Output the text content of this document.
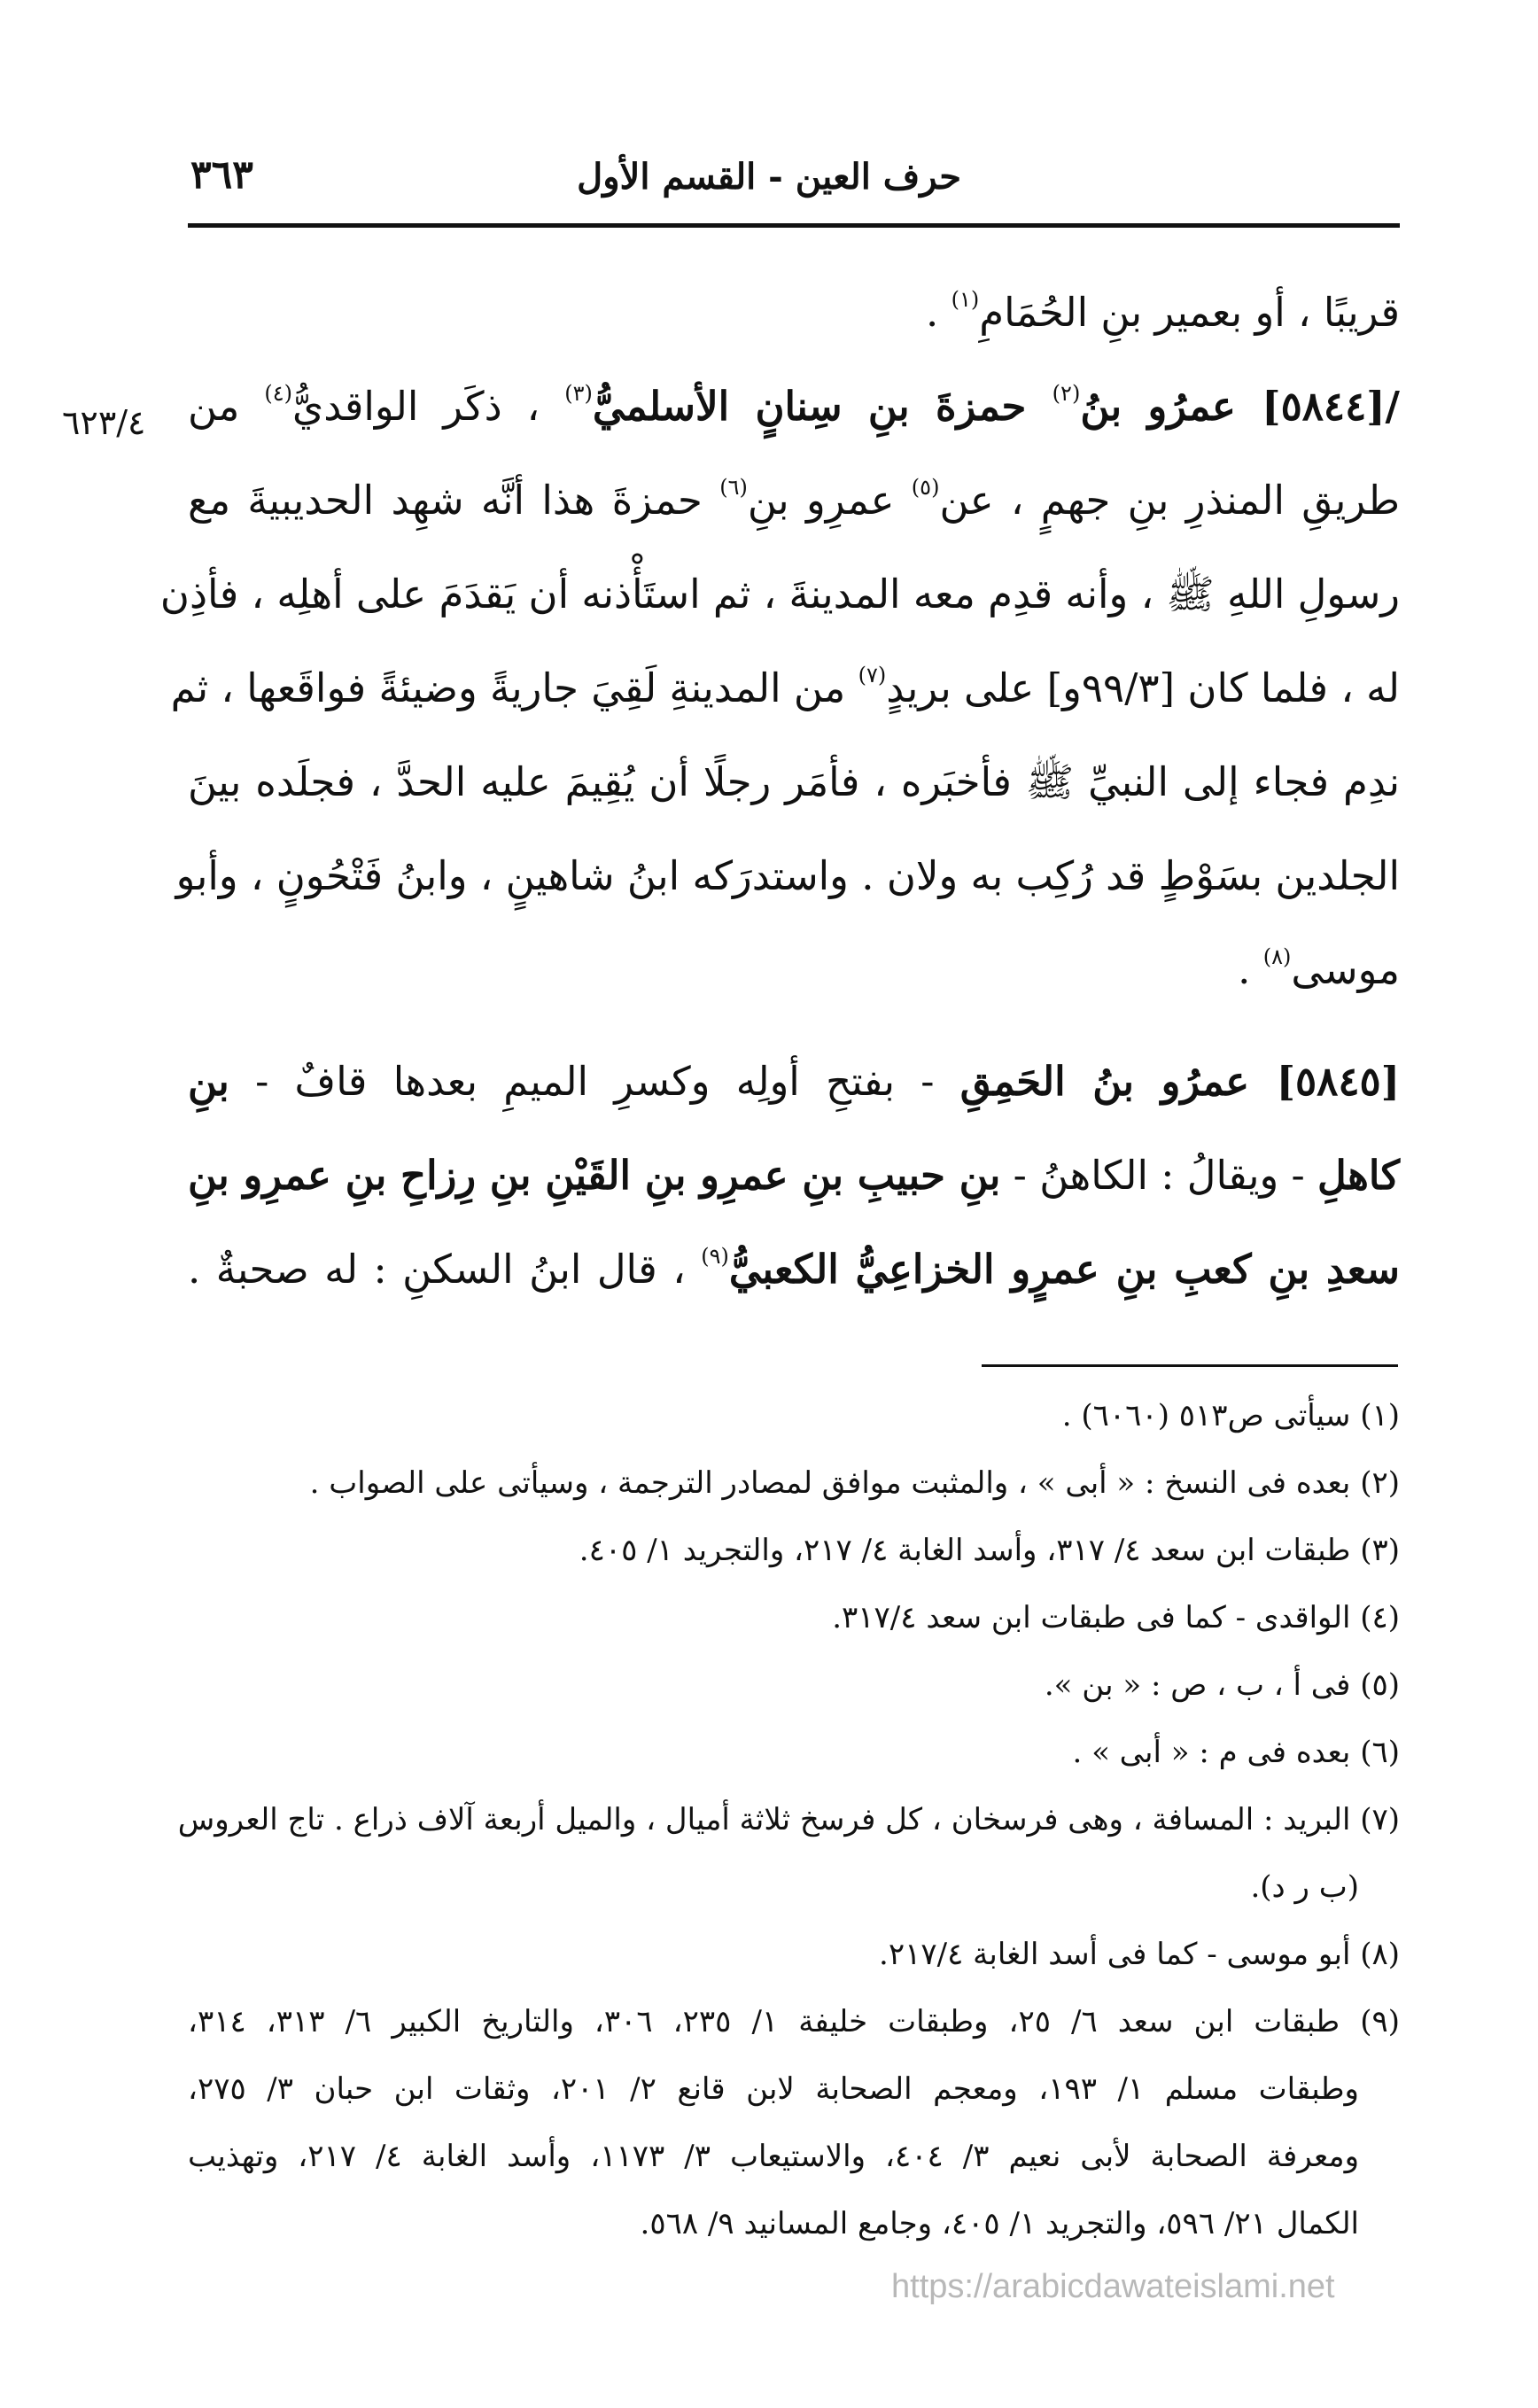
حرف العين - القسم الأول
٣٦٣
٦٢٣/٤
قريبًا ، أو بعمير بنِ الحُمَامِ$^{(١)}$ .
/[٥٨٤٤] عمرُو بنُ$^{(٢)}$ حمزةَ بنِ سِنانٍ الأسلميُّ$^{(٣)}$ ، ذكَر الواقديُّ$^{(٤)}$ من
طريقِ المنذرِ بنِ جهمٍ ، عن$^{(٥)}$ عمرِو بنِ$^{(٦)}$ حمزةَ هذا أنَّه شهِد الحديبيةَ مع
رسولِ اللهِ ﷺ ، وأنه قدِم معه المدينةَ ، ثم استَأْذنه أن يَقدَمَ على أهلِه ، فأذِن
له ، فلما كان [٩٩/٣و] على بريدٍ$^{(٧)}$ من المدينةِ لَقِيَ جاريةً وضيئةً فواقَعها ، ثم
ندِم فجاء إلى النبيِّ ﷺ فأخبَره ، فأمَر رجلًا أن يُقِيمَ عليه الحدَّ ، فجلَده بينَ
الجلدين بسَوْطٍ قد رُكِب به ولان . واستدرَكه ابنُ شاهينٍ ، وابنُ فَتْحُونٍ ، وأبو
موسى$^{(٨)}$ .
[٥٨٤٥] عمرُو بنُ الحَمِقِ - بفتحِ أولِه وكسرِ الميمِ بعدها قافٌ - بنِ
كاهلِ - ويقالُ : الكاهنُ - بنِ حبيبِ بنِ عمرِو بنِ القَيْنِ بنِ رِزاحِ بنِ عمرِو بنِ
سعدِ بنِ كعبِ بنِ عمرٍو الخزاعِيُّ الكعبيُّ$^{(٩)}$ ، قال ابنُ السكنِ : له صحبةٌ .
(١) سيأتى ص٥١٣ (٦٠٦٠) .
(٢) بعده فى النسخ : « أبى » ، والمثبت موافق لمصادر الترجمة ، وسيأتى على الصواب .
(٣) طبقات ابن سعد ٤/ ٣١٧، وأسد الغابة ٤/ ٢١٧، والتجريد ١/ ٤٠٥.
(٤) الواقدى - كما فى طبقات ابن سعد ٣١٧/٤.
(٥) فى أ ، ب ، ص : « بن ».
(٦) بعده فى م : « أبى » .
(٧) البريد : المسافة ، وهى فرسخان ، كل فرسخ ثلاثة أميال ، والميل أربعة آلاف ذراع . تاج العروس
(ب ر د).
(٨) أبو موسى - كما فى أسد الغابة ٢١٧/٤.
(٩) طبقات ابن سعد ٦/ ٢٥، وطبقات خليفة ١/ ٢٣٥، ٣٠٦، والتاريخ الكبير ٦/ ٣١٣، ٣١٤،
وطبقات مسلم ١/ ١٩٣، ومعجم الصحابة لابن قانع ٢/ ٢٠١، وثقات ابن حبان ٣/ ٢٧٥،
ومعرفة الصحابة لأبى نعيم ٣/ ٤٠٤، والاستيعاب ٣/ ١١٧٣، وأسد الغابة ٤/ ٢١٧، وتهذيب
الكمال ٢١/ ٥٩٦، والتجريد ١/ ٤٠٥، وجامع المسانيد ٩/ ٥٦٨.
https://arabicdawateislami.net
